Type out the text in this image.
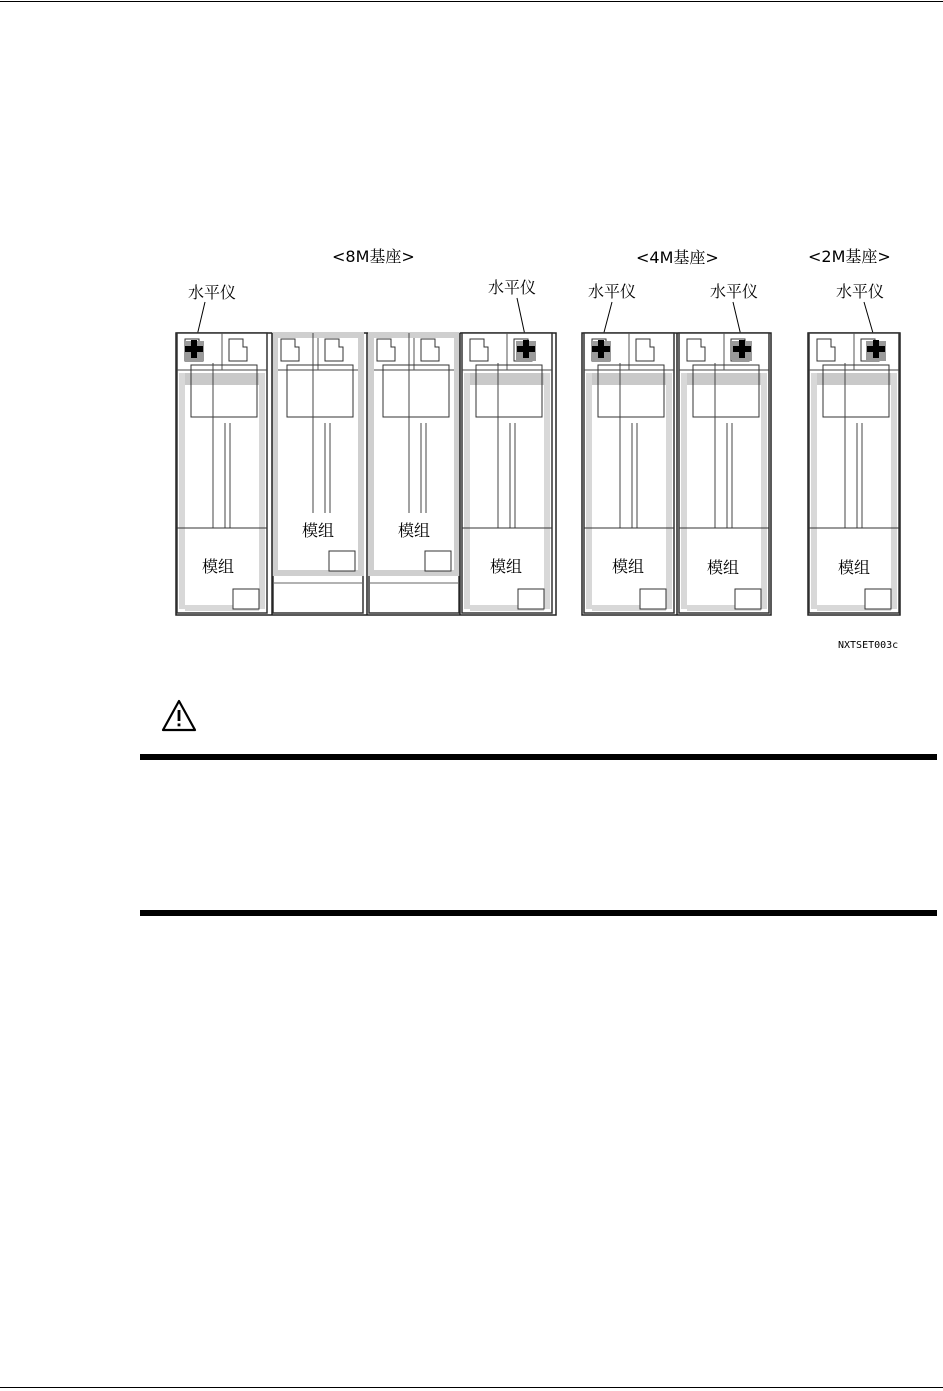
<8M基座>	<4M基座>	<2M基座>
水平仪	水平仪	水平仪	水平仪	水平仪
模组
模组	模组
模组	模组	模组	模组
NXTSET003c
